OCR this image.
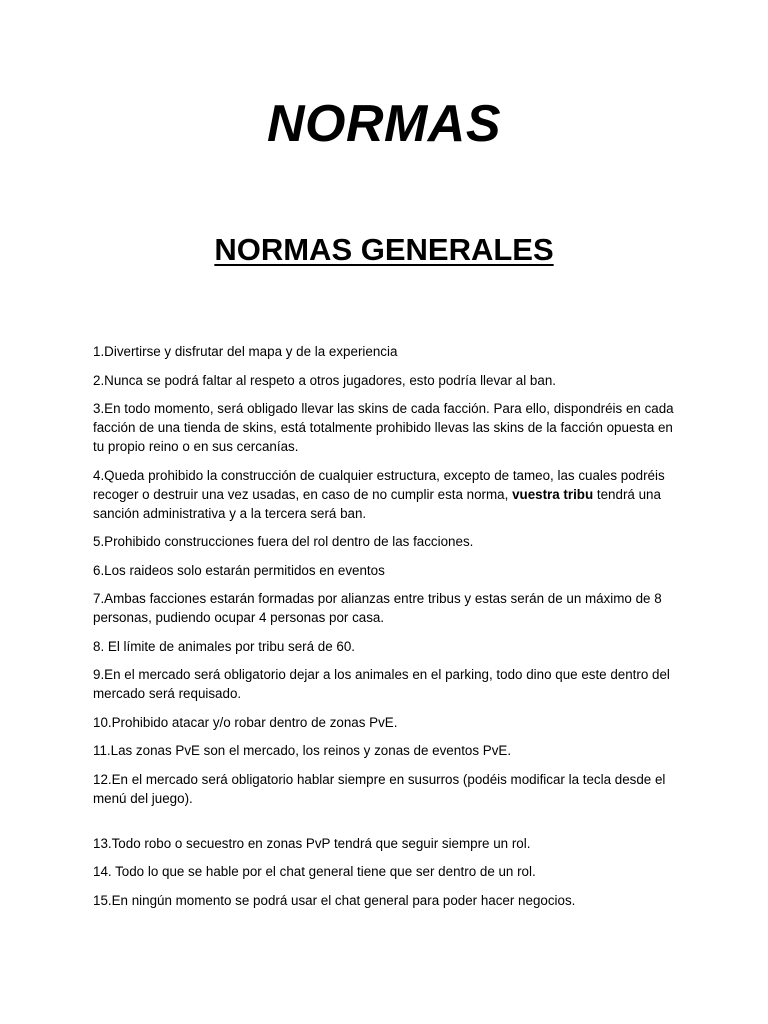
NORMAS
NORMAS GENERALES

1.Divertirse y disfrutar del mapa y de la experiencia

2.Nunca se podrá faltar al respeto a otros jugadores, esto podría llevar al ban.

3.En todo momento, será obligado llevar las skins de cada facción. Para ello, dispondréis en cada facción de una tienda de skins, está totalmente prohibido llevas las skins de la facción opuesta en tu propio reino o en sus cercanías.

4.Queda prohibido la construcción de cualquier estructura, excepto de tameo, las cuales podréis recoger o destruir una vez usadas, en caso de no cumplir esta norma, vuestra tribu tendrá una sanción administrativa y a la tercera será ban.

5.Prohibido construcciones fuera del rol dentro de las facciones.

6.Los raideos solo estarán permitidos en eventos

7.Ambas facciones estarán formadas por alianzas entre tribus y estas serán de un máximo de 8 personas, pudiendo ocupar 4 personas por casa.

8. El límite de animales por tribu será de 60.

9.En el mercado será obligatorio dejar a los animales en el parking, todo dino que este dentro del mercado será requisado.

10.Prohibido atacar y/o robar dentro de zonas PvE.

11.Las zonas PvE son el mercado, los reinos y zonas de eventos PvE.

12.En el mercado será obligatorio hablar siempre en susurros (podéis modificar la tecla desde el menú del juego).

13.Todo robo o secuestro en zonas PvP tendrá que seguir siempre un rol.

14. Todo lo que se hable por el chat general tiene que ser dentro de un rol.

15.En ningún momento se podrá usar el chat general para poder hacer negocios.
